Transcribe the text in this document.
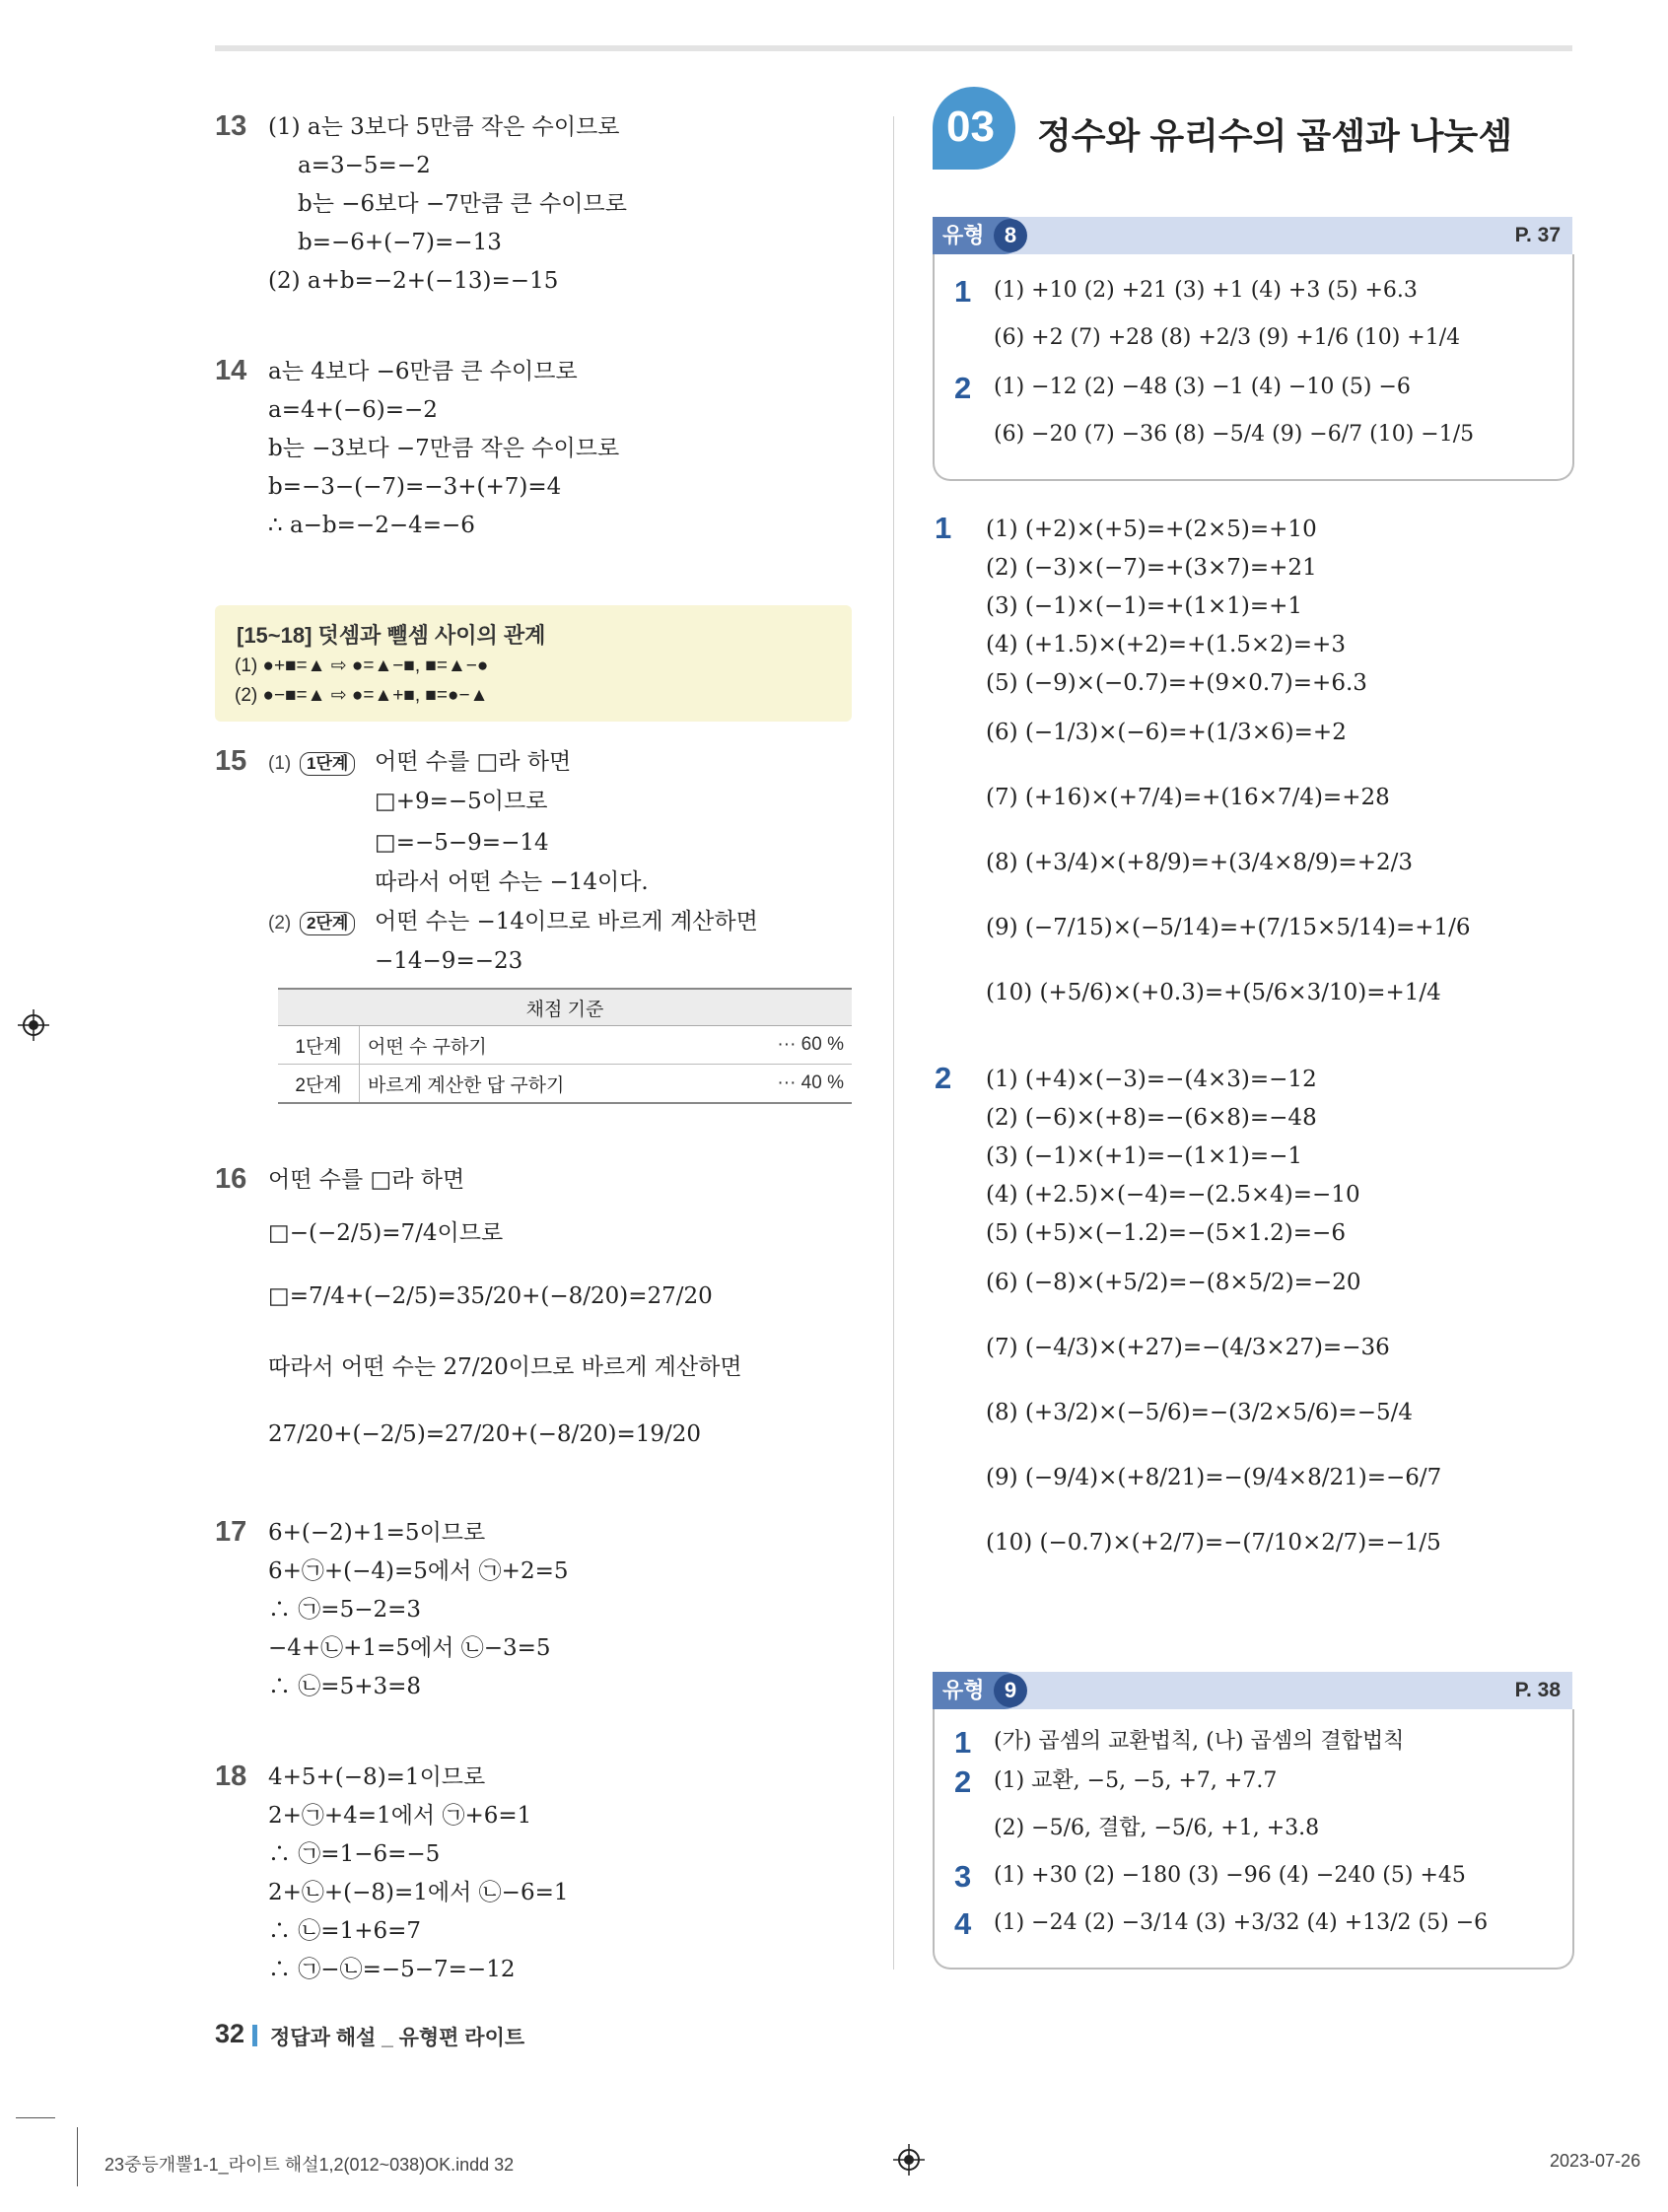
13 (1) a는 3보다 5만큼 작은 수이므로
a=3−5=−2
b는 −6보다 −7만큼 큰 수이므로
b=−6+(−7)=−13
(2) a+b=−2+(−13)=−15
14 a는 4보다 −6만큼 큰 수이므로
a=4+(−6)=−2
b는 −3보다 −7만큼 작은 수이므로
b=−3−(−7)=−3+(+7)=4
∴ a−b=−2−4=−6
[15~18] 덧셈과 뺄셈 사이의 관계
(1) ●+■=▲ ⇨ ●=▲−■, ■=▲−●
(2) ●−■=▲ ⇨ ●=▲+■, ■=●−▲
15 (1) 1단계	어떤 수를 □라 하면
□+9=−5이므로
□=−5−9=−14
따라서 어떤 수는 −14이다.
(2) 2단계	어떤 수는 −14이므로 바르게 계산하면
−14−9=−23
채점 기준		
1단계	어떤 수 구하기	··· 60 %
2단계	바르게 계산한 답 구하기	··· 40 %
16 어떤 수를 □라 하면
□−(−2/5)=7/4이므로
□=7/4+(−2/5)=35/20+(−8/20)=27/20
따라서 어떤 수는 27/20이므로 바르게 계산하면
27/20+(−2/5)=27/20+(−8/20)=19/20
17 6+(−2)+1=5이므로
6+㉠+(−4)=5에서 ㉠+2=5
∴ ㉠=5−2=3
−4+㉡+1=5에서 ㉡−3=5
∴ ㉡=5+3=8
18 4+5+(−8)=1이므로
2+㉠+4=1에서 ㉠+6=1
∴ ㉠=1−6=−5
2+㉡+(−8)=1에서 ㉡−6=1
∴ ㉡=1+6=7
∴ ㉠−㉡=−5−7=−12
03 정수와 유리수의 곱셈과 나눗셈
유형 8	P. 37
1 (1) +10 (2) +21 (3) +1 (4) +3 (5) +6.3
(6) +2 (7) +28 (8) +2/3 (9) +1/6 (10) +1/4
2 (1) −12 (2) −48 (3) −1 (4) −10 (5) −6
(6) −20 (7) −36 (8) −5/4 (9) −6/7 (10) −1/5
1 (1) (+2)×(+5)=+(2×5)=+10
(2) (−3)×(−7)=+(3×7)=+21
(3) (−1)×(−1)=+(1×1)=+1
(4) (+1.5)×(+2)=+(1.5×2)=+3
(5) (−9)×(−0.7)=+(9×0.7)=+6.3
(6) (−1/3)×(−6)=+(1/3×6)=+2
(7) (+16)×(+7/4)=+(16×7/4)=+28
(8) (+3/4)×(+8/9)=+(3/4×8/9)=+2/3
(9) (−7/15)×(−5/14)=+(7/15×5/14)=+1/6
(10) (+5/6)×(+0.3)=+(5/6×3/10)=+1/4
2 (1) (+4)×(−3)=−(4×3)=−12
(2) (−6)×(+8)=−(6×8)=−48
(3) (−1)×(+1)=−(1×1)=−1
(4) (+2.5)×(−4)=−(2.5×4)=−10
(5) (+5)×(−1.2)=−(5×1.2)=−6
(6) (−8)×(+5/2)=−(8×5/2)=−20
(7) (−4/3)×(+27)=−(4/3×27)=−36
(8) (+3/2)×(−5/6)=−(3/2×5/6)=−5/4
(9) (−9/4)×(+8/21)=−(9/4×8/21)=−6/7
(10) (−0.7)×(+2/7)=−(7/10×2/7)=−1/5
유형 9	P. 38
1 (가) 곱셈의 교환법칙, (나) 곱셈의 결합법칙
2 (1) 교환, −5, −5, +7, +7.7
(2) −5/6, 결합, −5/6, +1, +3.8
3 (1) +30 (2) −180 (3) −96 (4) −240 (5) +45
4 (1) −24 (2) −3/14 (3) +3/32 (4) +13/2 (5) −6
32 정답과 해설 _ 유형편 라이트
23중등개뿔1-1_라이트 해설1,2(012~038)OK.indd 32	2023-07-26
